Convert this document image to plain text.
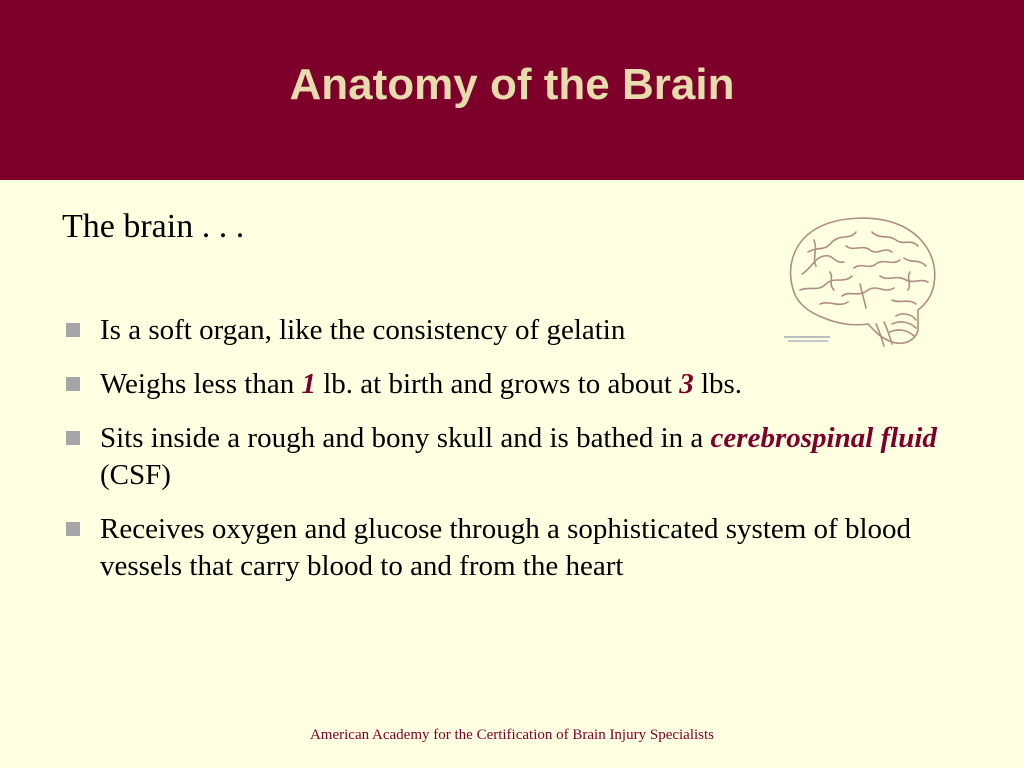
Anatomy of the Brain

The brain . . .

Is a soft organ, like the consistency of gelatin
Weighs less than 1 lb. at birth and grows to about 3 lbs.
Sits inside a rough and bony skull and is bathed in a cerebrospinal fluid (CSF)
Receives oxygen and glucose through a sophisticated system of blood vessels that carry blood to and from the heart
American Academy for the Certification of Brain Injury Specialists
